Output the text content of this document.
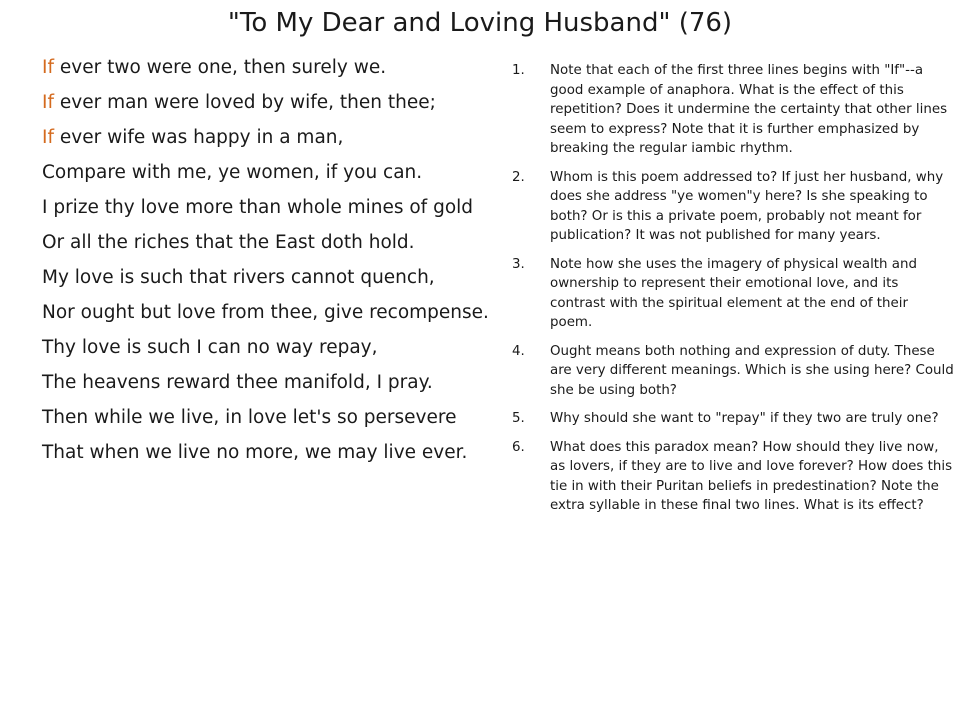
"To My Dear and Loving Husband" (76)
If ever two were one, then surely we.
If ever man were loved by wife, then thee;
If ever wife was happy in a man,
Compare with me, ye women, if you can.
I prize thy love more than whole mines of gold
Or all the riches that the East doth hold.
My love is such that rivers cannot quench,
Nor ought but love from thee, give recompense.
Thy love is such I can no way repay,
The heavens reward thee manifold, I pray.
Then while we live, in love let's so persevere
That when we live no more, we may live ever.
1.	Note that each of the first three lines begins with "If"--a good example of anaphora. What is the effect of this repetition? Does it undermine the certainty that other lines seem to express? Note that it is further emphasized by breaking the regular iambic rhythm.
2.	Whom is this poem addressed to? If just her husband, why does she address "ye women"y here? Is she speaking to both? Or is this a private poem, probably not meant for publication? It was not published for many years.
3.	Note how she uses the imagery of physical wealth and ownership to represent their emotional love, and its contrast with the spiritual element at the end of their poem.
4.	Ought means both nothing and expression of duty. These are very different meanings. Which is she using here? Could she be using both?
5.	Why should she want to "repay" if they two are truly one?
6.	What does this paradox mean? How should they live now, as lovers, if they are to live and love forever? How does this tie in with their Puritan beliefs in predestination? Note the extra syllable in these final two lines. What is its effect?
